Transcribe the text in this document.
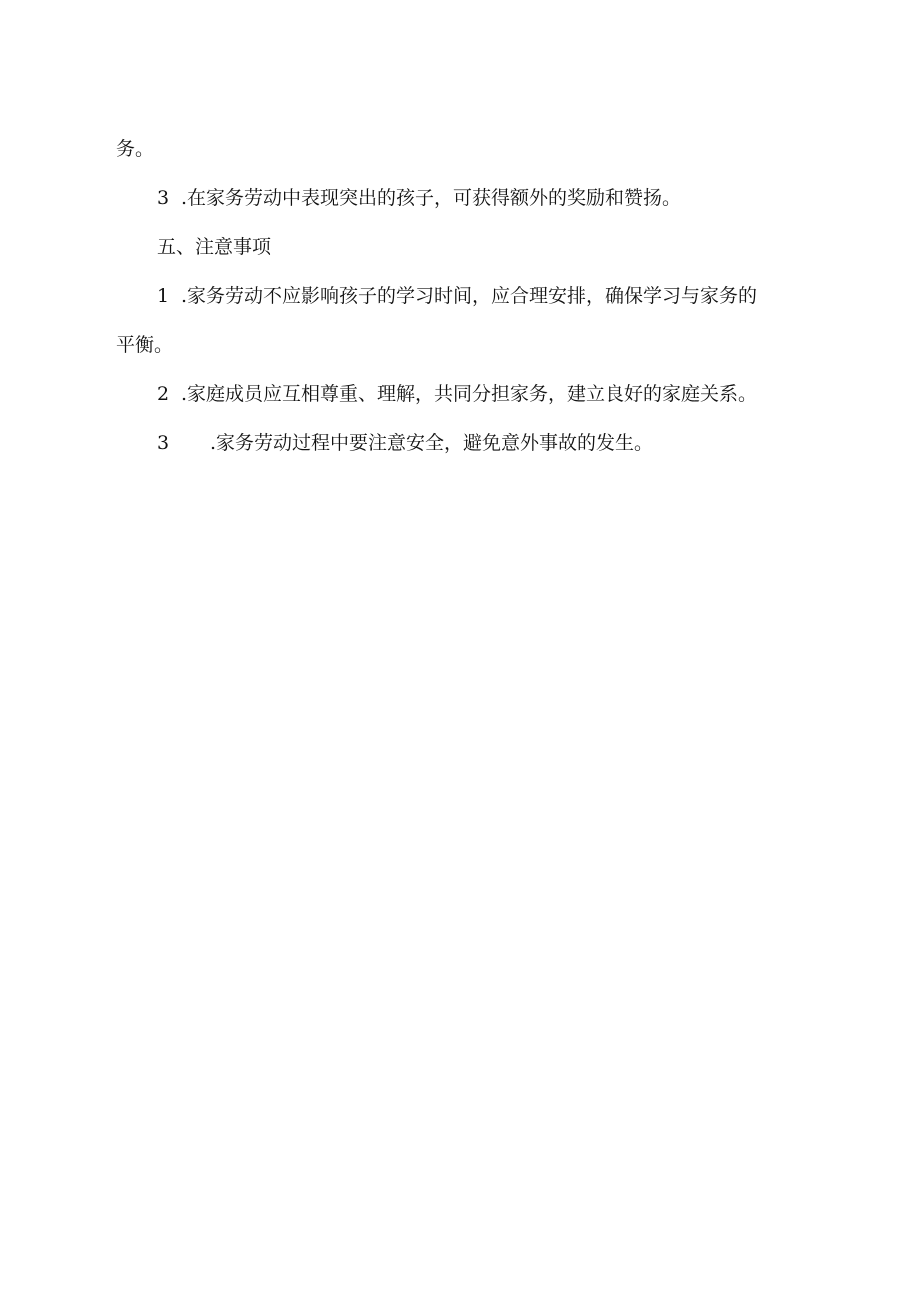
务。
3 .在家务劳动中表现突出的孩子，可获得额外的奖励和赞扬。
五、注意事项
1 .家务劳动不应影响孩子的学习时间，应合理安排，确保学习与家务的
平衡。
2 .家庭成员应互相尊重、理解，共同分担家务，建立良好的家庭关系。
3 .家务劳动过程中要注意安全，避免意外事故的发生。
